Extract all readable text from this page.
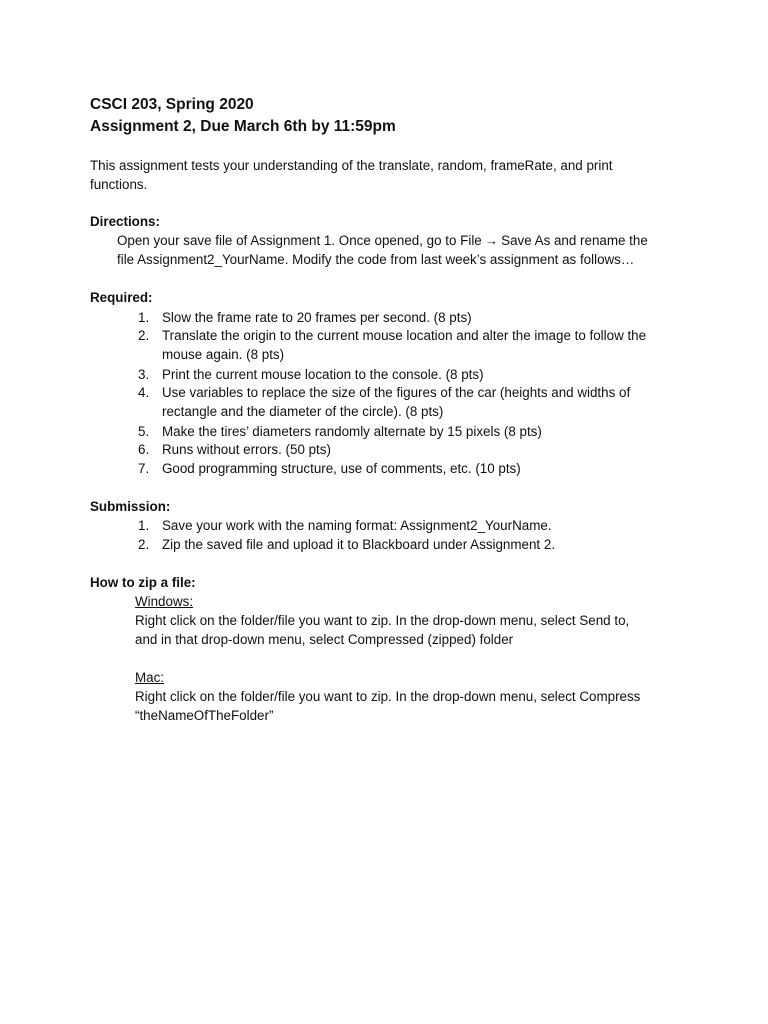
CSCI 203, Spring 2020
Assignment 2, Due March 6th by 11:59pm
This assignment tests your understanding of the translate, random, frameRate, and print
functions.
Directions:
Open your save file of Assignment 1. Once opened, go to File → Save As and rename the
file Assignment2_YourName. Modify the code from last week’s assignment as follows…
Required:
1. Slow the frame rate to 20 frames per second. (8 pts)
2. Translate the origin to the current mouse location and alter the image to follow the
mouse again. (8 pts)
3. Print the current mouse location to the console. (8 pts)
4. Use variables to replace the size of the figures of the car (heights and widths of
rectangle and the diameter of the circle). (8 pts)
5. Make the tires’ diameters randomly alternate by 15 pixels (8 pts)
6. Runs without errors. (50 pts)
7. Good programming structure, use of comments, etc. (10 pts)
Submission:
1. Save your work with the naming format: Assignment2_YourName.
2. Zip the saved file and upload it to Blackboard under Assignment 2.
How to zip a file:
Windows:
Right click on the folder/file you want to zip. In the drop-down menu, select Send to,
and in that drop-down menu, select Compressed (zipped) folder
Mac:
Right click on the folder/file you want to zip. In the drop-down menu, select Compress
“theNameOfTheFolder”
